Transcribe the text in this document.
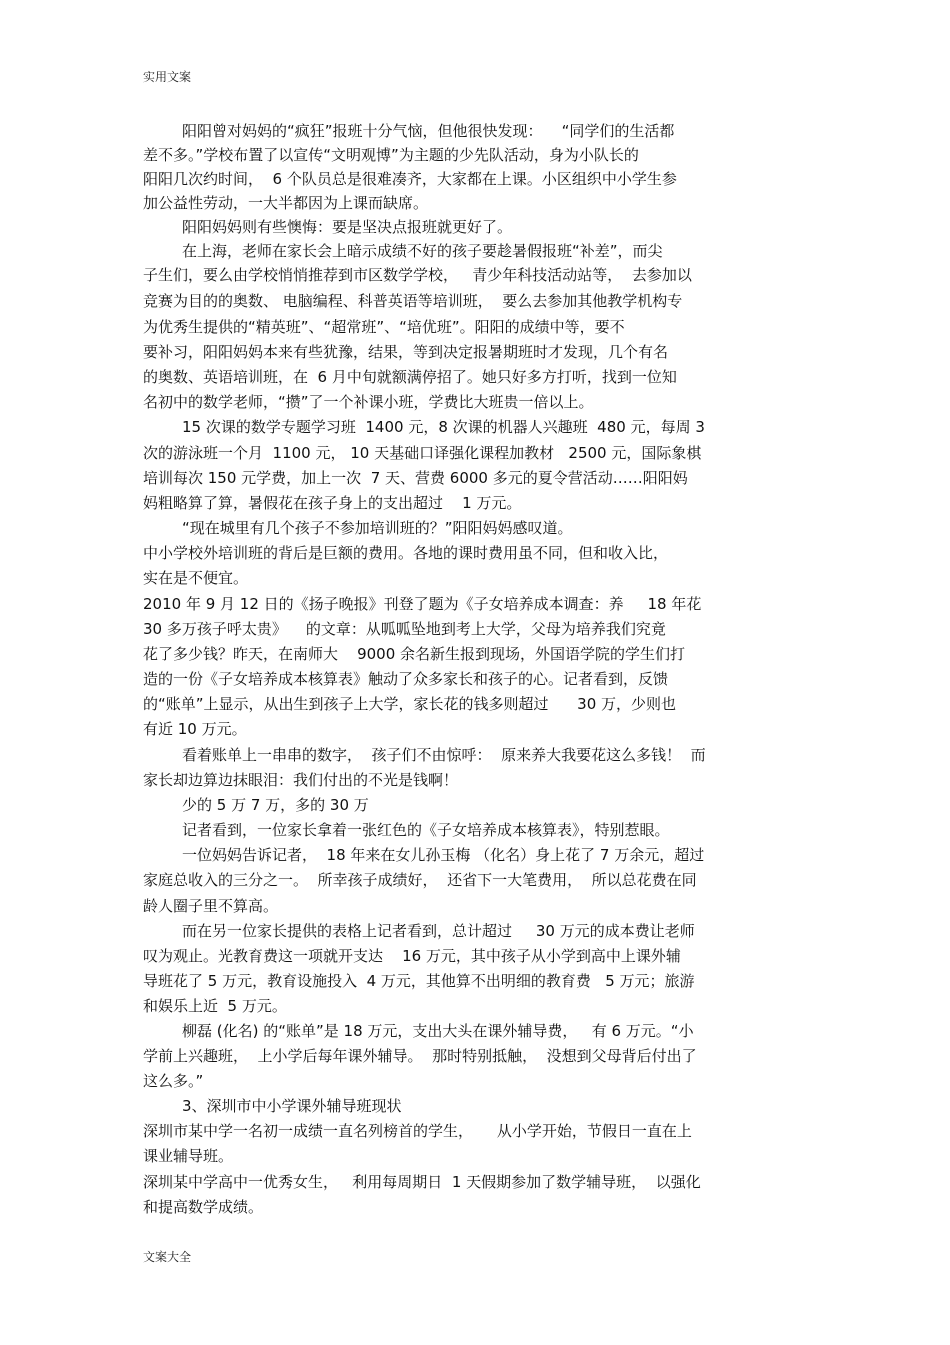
实用文案
阳阳曾对妈妈的“疯狂”报班十分气恼，但他很快发现：    “同学们的生活都
差不多。”学校布置了以宣传“文明观博”为主题的少先队活动，身为小队长的
阳阳几次约时间，  6 个队员总是很难凑齐，大家都在上课。小区组织中小学生参
加公益性劳动，一大半都因为上课而缺席。
阳阳妈妈则有些懊悔：要是坚决点报班就更好了。
在上海，老师在家长会上暗示成绩不好的孩子要趁暑假报班“补差”，而尖
子生们，要么由学校悄悄推荐到市区数学学校，   青少年科技活动站等，  去参加以
竞赛为目的的奥数、 电脑编程、科普英语等培训班，  要么去参加其他教学机构专
为优秀生提供的“精英班”、“超常班”、“培优班”。阳阳的成绩中等，要不
要补习，阳阳妈妈本来有些犹豫，结果，等到决定报暑期班时才发现，几个有名
的奥数、英语培训班，在  6 月中旬就额满停招了。她只好多方打听，找到一位知
名初中的数学老师，“攒”了一个补课小班，学费比大班贵一倍以上。
15 次课的数学专题学习班  1400 元，8 次课的机器人兴趣班  480 元，每周 3
次的游泳班一个月  1100 元， 10 天基础口译强化课程加教材   2500 元，国际象棋
培训每次 150 元学费，加上一次  7 天、营费 6000 多元的夏令营活动……阳阳妈
妈粗略算了算，暑假花在孩子身上的支出超过    1 万元。
“现在城里有几个孩子不参加培训班的？”阳阳妈妈感叹道。
中小学校外培训班的背后是巨额的费用。各地的课时费用虽不同，但和收入比，
实在是不便宜。
2010 年 9 月 12 日的《扬子晚报》刊登了题为《子女培养成本调查：养     18 年花
30 多万孩子呼太贵》    的文章：从呱呱坠地到考上大学，父母为培养我们究竟
花了多少钱？昨天，在南师大    9000 余名新生报到现场，外国语学院的学生们打
造的一份《子女培养成本核算表》触动了众多家长和孩子的心。记者看到，反馈
的“账单”上显示，从出生到孩子上大学，家长花的钱多则超过      30 万，少则也
有近 10 万元。
看着账单上一串串的数字，  孩子们不由惊呼：  原来养大我要花这么多钱！  而
家长却边算边抹眼泪：我们付出的不光是钱啊！
少的 5 万 7 万，多的 30 万
记者看到，一位家长拿着一张红色的《子女培养成本核算表》，特别惹眼。
一位妈妈告诉记者，  18 年来在女儿孙玉梅 （化名）身上花了 7 万余元，超过
家庭总收入的三分之一。  所幸孩子成绩好，  还省下一大笔费用，  所以总花费在同
龄人圈子里不算高。
而在另一位家长提供的表格上记者看到，总计超过     30 万元的成本费让老师
叹为观止。光教育费这一项就开支达    16 万元，其中孩子从小学到高中上课外辅
导班花了 5 万元，教育设施投入  4 万元，其他算不出明细的教育费   5 万元；旅游
和娱乐上近  5 万元。
柳磊 (化名) 的“账单”是 18 万元，支出大头在课外辅导费，   有 6 万元。“小
学前上兴趣班，  上小学后每年课外辅导。  那时特别抵触，  没想到父母背后付出了
这么多。”
3、深圳市中小学课外辅导班现状
深圳市某中学一名初一成绩一直名列榜首的学生，     从小学开始，节假日一直在上
课业辅导班。
深圳某中学高中一优秀女生，   利用每周期日  1 天假期参加了数学辅导班，  以强化
和提高数学成绩。
文案大全
